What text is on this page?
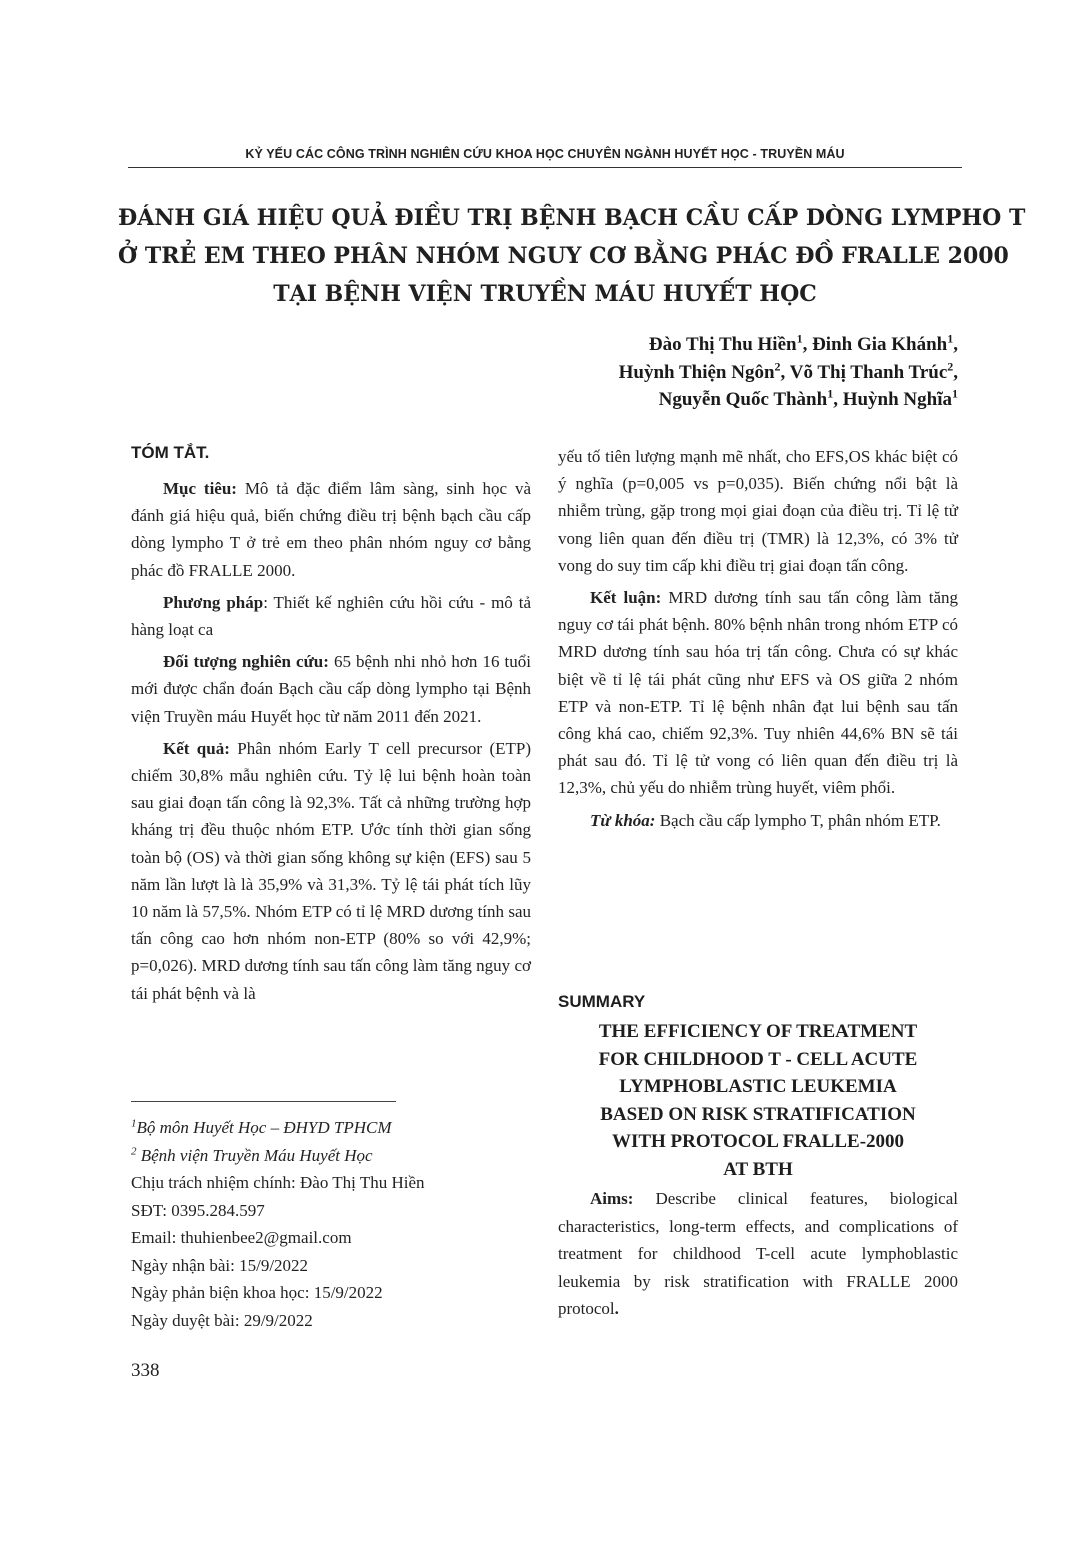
KỶ YẾU CÁC CÔNG TRÌNH NGHIÊN CỨU KHOA HỌC CHUYÊN NGÀNH HUYẾT HỌC - TRUYỀN MÁU
ĐÁNH GIÁ HIỆU QUẢ ĐIỀU TRỊ BỆNH BẠCH CẦU CẤP DÒNG LYMPHO T
Ở TRẺ EM THEO PHÂN NHÓM NGUY CƠ BẰNG PHÁC ĐỒ FRALLE 2000
TẠI BỆNH VIỆN TRUYỀN MÁU HUYẾT HỌC
Đào Thị Thu Hiền$^1$, Đinh Gia Khánh$^1$,
Huỳnh Thiện Ngôn$^2$, Võ Thị Thanh Trúc$^2$,
Nguyễn Quốc Thành$^1$, Huỳnh Nghĩa$^1$
TÓM TẮT.

Mục tiêu: Mô tả đặc điểm lâm sàng, sinh học và đánh giá hiệu quả, biến chứng điều trị bệnh bạch cầu cấp dòng lympho T ở trẻ em theo phân nhóm nguy cơ bằng phác đồ FRALLE 2000.

Phương pháp: Thiết kế nghiên cứu hồi cứu - mô tả hàng loạt ca

Đối tượng nghiên cứu: 65 bệnh nhi nhỏ hơn 16 tuổi mới được chẩn đoán Bạch cầu cấp dòng lympho tại Bệnh viện Truyền máu Huyết học từ năm 2011 đến 2021.

Kết quả: Phân nhóm Early T cell precursor (ETP) chiếm 30,8% mẫu nghiên cứu. Tỷ lệ lui bệnh hoàn toàn sau giai đoạn tấn công là 92,3%. Tất cả những trường hợp kháng trị đều thuộc nhóm ETP. Ước tính thời gian sống toàn bộ (OS) và thời gian sống không sự kiện (EFS) sau 5 năm lần lượt là là 35,9% và 31,3%. Tỷ lệ tái phát tích lũy 10 năm là 57,5%. Nhóm ETP có tỉ lệ MRD dương tính sau tấn công cao hơn nhóm non-ETP (80% so với 42,9%; p=0,026). MRD dương tính sau tấn công làm tăng nguy cơ tái phát bệnh và là

$^1$Bộ môn Huyết Học – ĐHYD TPHCM
$^2$ Bệnh viện Truyền Máu Huyết Học
Chịu trách nhiệm chính: Đào Thị Thu Hiền
SĐT: 0395.284.597
Email: thuhienbee2@gmail.com
Ngày nhận bài: 15/9/2022
Ngày phản biện khoa học: 15/9/2022
Ngày duyệt bài: 29/9/2022
338

yếu tố tiên lượng mạnh mẽ nhất, cho EFS,OS khác biệt có ý nghĩa (p=0,005 vs p=0,035). Biến chứng nổi bật là nhiễm trùng, gặp trong mọi giai đoạn của điều trị. Tỉ lệ tử vong liên quan đến điều trị (TMR) là 12,3%, có 3% tử vong do suy tim cấp khi điều trị giai đoạn tấn công.

Kết luận: MRD dương tính sau tấn công làm tăng nguy cơ tái phát bệnh. 80% bệnh nhân trong nhóm ETP có MRD dương tính sau hóa trị tấn công. Chưa có sự khác biệt về tỉ lệ tái phát cũng như EFS và OS giữa 2 nhóm ETP và non-ETP. Tỉ lệ bệnh nhân đạt lui bệnh sau tấn công khá cao, chiếm 92,3%. Tuy nhiên 44,6% BN sẽ tái phát sau đó. Tỉ lệ tử vong có liên quan đến điều trị là 12,3%, chủ yếu do nhiễm trùng huyết, viêm phổi.

Từ khóa: Bạch cầu cấp lympho T, phân nhóm ETP.

SUMMARY
THE EFFICIENCY OF TREATMENT
FOR CHILDHOOD T - CELL ACUTE
LYMPHOBLASTIC LEUKEMIA
BASED ON RISK STRATIFICATION
WITH PROTOCOL FRALLE-2000
AT BTH

Aims: Describe clinical features, biological characteristics, long-term effects, and complications of treatment for childhood T-cell acute lymphoblastic leukemia by risk stratification with FRALLE 2000 protocol.
